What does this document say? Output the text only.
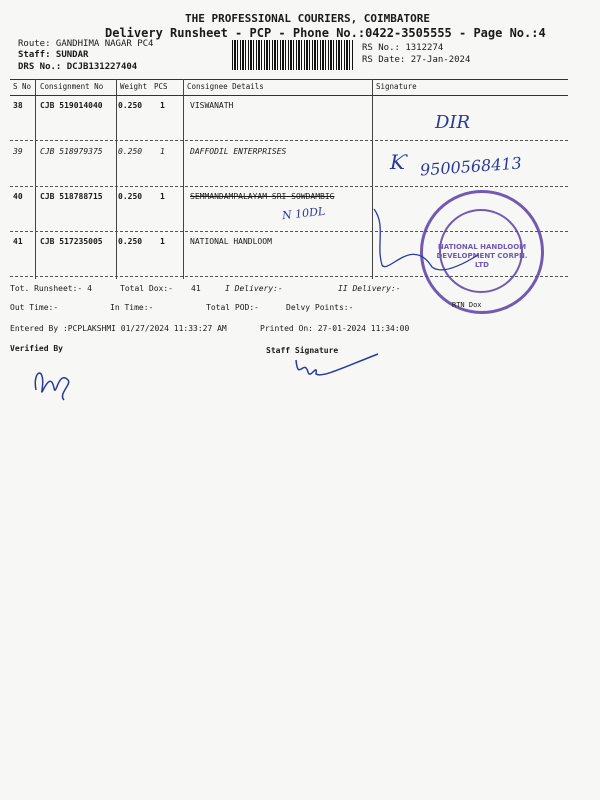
THE PROFESSIONAL COURIERS, COIMBATORE
Delivery Runsheet - PCP - Phone No.:0422-3505555 - Page No.:4
Route: GANDHIMA NAGAR PC4
Staff: SUNDAR
DRS No.: DCJB131227404
RS No.: 1312274
RS Date: 27-Jan-2024
S No Consignment No Weight PCS	Consignee Details	Signature
38 CJB 519014040 0.250 1	VISWANATH
39 CJB 518979375 0.250 1	DAFFODIL ENTERPRISES
40 CJB 518788715 0.250 1	SEMMANDAMPALAYAM SRI SOWDAMBIG
41 CJB 517235005 0.250 1	NATIONAL HANDLOOM
DIR
9500568413
Ƙ
N 10DL
NATIONAL HANDLOOM DEVELOPMENT CORPN. LTD
Tot. Runsheet:- 4	Total Dox:- 41	I Delivery:-	II Delivery:-
Out Time:-	In Time:-	Total POD:-	Delvy Points:-	RTN Dox
Entered By :PCPLAKSHMI 01/27/2024 11:33:27 AM	Printed On: 27-01-2024 11:34:00
Verified By	Staff Signature
